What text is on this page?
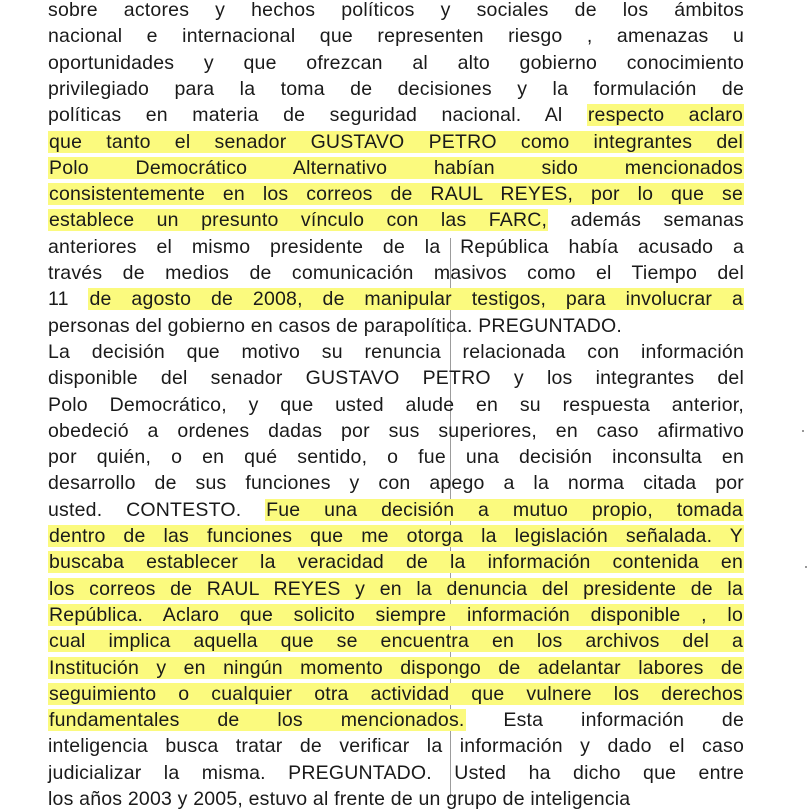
sobre actores y hechos políticos y sociales de los ámbitos
nacional e internacional que representen riesgo , amenazas u
oportunidades y que ofrezcan al alto gobierno conocimiento
privilegiado para la toma de decisiones y la formulación de
políticas en materia de seguridad nacional. Al respecto aclaro
que tanto el senador GUSTAVO PETRO como integrantes del
Polo Democrático Alternativo habían sido mencionados
consistentemente en los correos de RAUL REYES, por lo que se
establece un presunto vínculo con las FARC, además semanas
anteriores el mismo presidente de la República había acusado a
través de medios de comunicación masivos como el Tiempo del
11 de agosto de 2008, de manipular testigos, para involucrar a
personas del gobierno en casos de parapolítica. PREGUNTADO.
La decisión que motivo su renuncia relacionada con información
disponible del senador GUSTAVO PETRO y los integrantes del
Polo Democrático, y que usted alude en su respuesta anterior,
obedeció a ordenes dadas por sus superiores, en caso afirmativo
por quién, o en qué sentido, o fue una decisión inconsulta en
desarrollo de sus funciones y con apego a la norma citada por
usted. CONTESTO. Fue una decisión a mutuo propio, tomada
dentro de las funciones que me otorga la legislación señalada. Y
buscaba establecer la veracidad de la información contenida en
los correos de RAUL REYES y en la denuncia del presidente de la
República. Aclaro que solicito siempre información disponible , lo
cual implica aquella que se encuentra en los archivos del a
Institución y en ningún momento dispongo de adelantar labores de
seguimiento o cualquier otra actividad que vulnere los derechos
fundamentales de los mencionados. Esta información de
inteligencia busca tratar de verificar la información y dado el caso
judicializar la misma. PREGUNTADO. Usted ha dicho que entre
los años 2003 y 2005, estuvo al frente de un grupo de inteligencia
